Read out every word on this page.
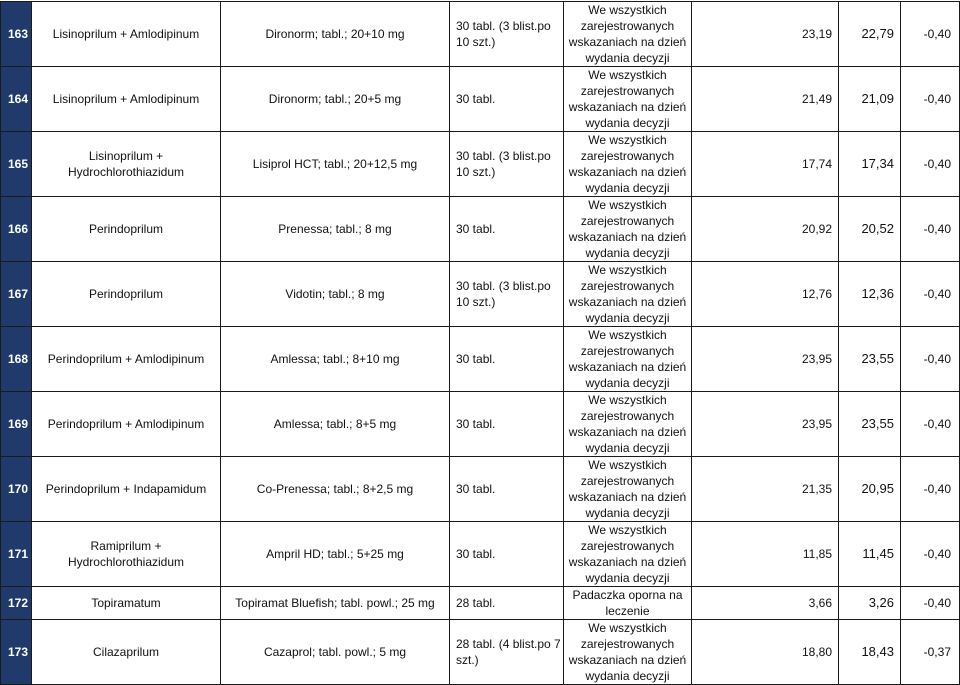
163	Lisinoprilum + Amlodipinum	Dironorm; tabl.; 20+10 mg	30 tabl. (3 blist.po 10 szt.)	We wszystkich zarejestrowanych wskazaniach na dzień wydania decyzji	23,19	22,79	-0,40
164	Lisinoprilum + Amlodipinum	Dironorm; tabl.; 20+5 mg	30 tabl.	We wszystkich zarejestrowanych wskazaniach na dzień wydania decyzji	21,49	21,09	-0,40
165	Lisinoprilum + Hydrochlorothiazidum	Lisiprol HCT; tabl.; 20+12,5 mg	30 tabl. (3 blist.po 10 szt.)	We wszystkich zarejestrowanych wskazaniach na dzień wydania decyzji	17,74	17,34	-0,40
166	Perindoprilum	Prenessa; tabl.; 8 mg	30 tabl.	We wszystkich zarejestrowanych wskazaniach na dzień wydania decyzji	20,92	20,52	-0,40
167	Perindoprilum	Vidotin; tabl.; 8 mg	30 tabl. (3 blist.po 10 szt.)	We wszystkich zarejestrowanych wskazaniach na dzień wydania decyzji	12,76	12,36	-0,40
168	Perindoprilum + Amlodipinum	Amlessa; tabl.; 8+10 mg	30 tabl.	We wszystkich zarejestrowanych wskazaniach na dzień wydania decyzji	23,95	23,55	-0,40
169	Perindoprilum + Amlodipinum	Amlessa; tabl.; 8+5 mg	30 tabl.	We wszystkich zarejestrowanych wskazaniach na dzień wydania decyzji	23,95	23,55	-0,40
170	Perindoprilum + Indapamidum	Co-Prenessa; tabl.; 8+2,5 mg	30 tabl.	We wszystkich zarejestrowanych wskazaniach na dzień wydania decyzji	21,35	20,95	-0,40
171	Ramiprilum + Hydrochlorothiazidum	Ampril HD; tabl.; 5+25 mg	30 tabl.	We wszystkich zarejestrowanych wskazaniach na dzień wydania decyzji	11,85	11,45	-0,40
172	Topiramatum	Topiramat Bluefish; tabl. powl.; 25 mg	28 tabl.	Padaczka oporna na leczenie	3,66	3,26	-0,40
173	Cilazaprilum	Cazaprol; tabl. powl.; 5 mg	28 tabl. (4 blist.po 7 szt.)	We wszystkich zarejestrowanych wskazaniach na dzień wydania decyzji	18,80	18,43	-0,37
